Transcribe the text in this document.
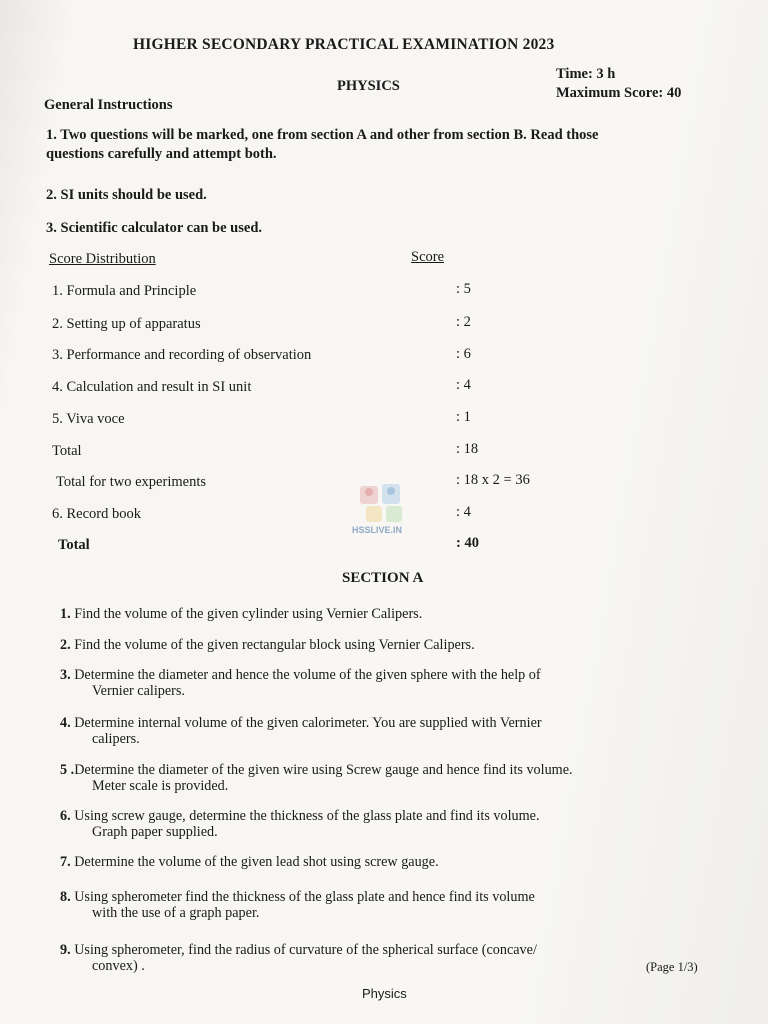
HIGHER SECONDARY PRACTICAL EXAMINATION 2023
PHYSICS
Time: 3 h
Maximum Score: 40
General Instructions
1. Two questions will be marked, one from section A and other from section B. Read those
questions carefully and attempt both.
2. SI units should be used.
3. Scientific calculator can be used.
Score Distribution	Score
1. Formula and Principle	: 5
2. Setting up of apparatus	: 2
3. Performance and recording of observation	: 6
4. Calculation and result in SI unit	: 4
5. Viva voce	: 1
Total	: 18
Total for two experiments	: 18 x 2 = 36
6. Record book	: 4
Total	: 40
HSSLIVE.IN
SECTION A
1. Find the volume of the given cylinder using Vernier Calipers.
2. Find the volume of the given rectangular block using Vernier Calipers.
3. Determine the diameter and hence the volume of the given sphere with the help of
Vernier calipers.
4. Determine internal volume of the given calorimeter. You are supplied with Vernier
calipers.
5 .Determine the diameter of the given wire using Screw gauge and hence find its volume.
Meter scale is provided.
6. Using screw gauge, determine the thickness of the glass plate and find its volume.
Graph paper supplied.
7. Determine the volume of the given lead shot using screw gauge.
8. Using spherometer find the thickness of the glass plate and hence find its volume
with the use of a graph paper.
9. Using spherometer, find the radius of curvature of the spherical surface (concave/
convex) .	(Page 1/3)
Physics
